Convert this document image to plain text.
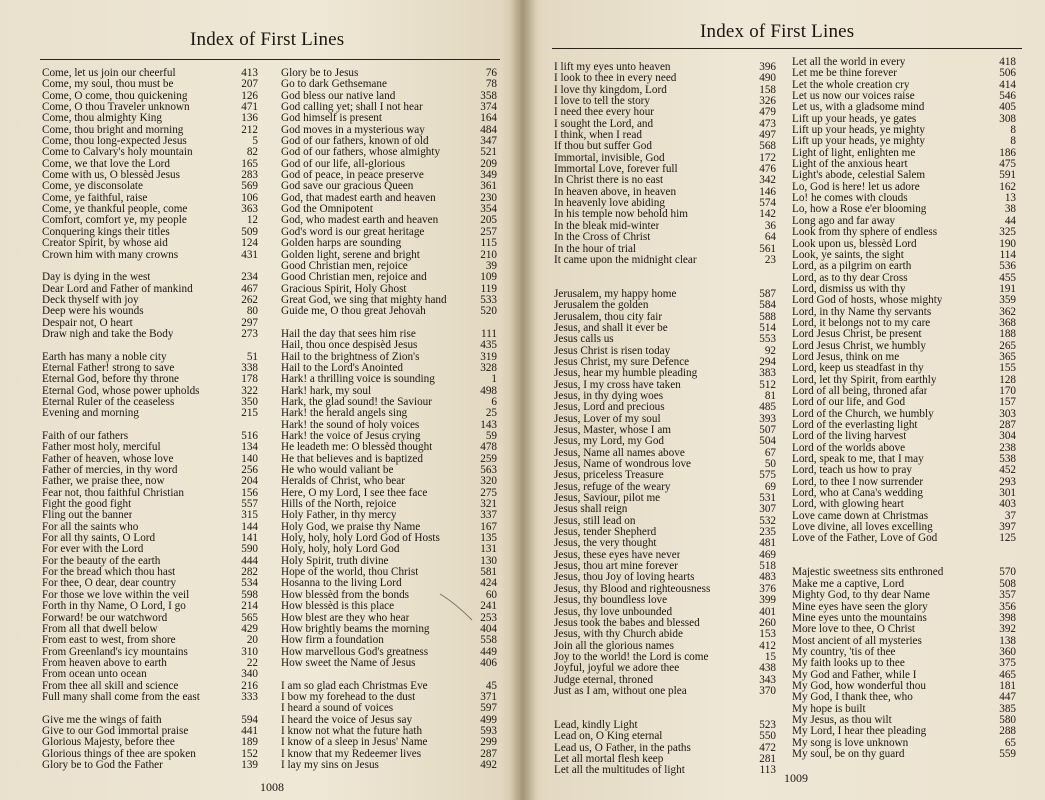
Index of First Lines
Come, let us join our cheerful	413
Come, my soul, thou must be	207
Come, O come, thou quickening	126
Come, O thou Traveler unknown	471
Come, thou almighty King	136
Come, thou bright and morning	212
Come, thou long-expected Jesus	5
Come to Calvary's holy mountain	82
Come, we that love the Lord	165
Come with us, O blessèd Jesus	283
Come, ye disconsolate	569
Come, ye faithful, raise	106
Come, ye thankful people, come	363
Comfort, comfort ye, my people	12
Conquering kings their titles	509
Creator Spirit, by whose aid	124
Crown him with many crowns	431
Day is dying in the west	234
Dear Lord and Father of mankind	467
Deck thyself with joy	262
Deep were his wounds	80
Despair not, O heart	297
Draw nigh and take the Body	273
Earth has many a noble city	51
Eternal Father! strong to save	338
Eternal God, before thy throne	178
Eternal God, whose power upholds	322
Eternal Ruler of the ceaseless	350
Evening and morning	215
Faith of our fathers	516
Father most holy, merciful	134
Father of heaven, whose love	140
Father of mercies, in thy word	256
Father, we praise thee, now	204
Fear not, thou faithful Christian	156
Fight the good fight	557
Fling out the banner	315
For all the saints who	144
For all thy saints, O Lord	141
For ever with the Lord	590
For the beauty of the earth	444
For the bread which thou hast	282
For thee, O dear, dear country	534
For those we love within the veil	598
Forth in thy Name, O Lord, I go	214
Forward! be our watchword	565
From all that dwell below	429
From east to west, from shore	20
From Greenland's icy mountains	310
From heaven above to earth	22
From ocean unto ocean	340
From thee all skill and science	216
Full many shall come from the east	333
Give me the wings of faith	594
Give to our God immortal praise	441
Glorious Majesty, before thee	189
Glorious things of thee are spoken	152
Glory be to God the Father	139
Glory be to Jesus	76
Go to dark Gethsemane	78
God bless our native land	358
God calling yet; shall I not hear	374
God himself is present	164
God moves in a mysterious way	484
God of our fathers, known of old	347
God of our fathers, whose almighty	521
God of our life, all-glorious	209
God of peace, in peace preserve	349
God save our gracious Queen	361
God, that madest earth and heaven	230
God the Omnipotent	354
God, who madest earth and heaven	205
God's word is our great heritage	257
Golden harps are sounding	115
Golden light, serene and bright	210
Good Christian men, rejoice	39
Good Christian men, rejoice and	109
Gracious Spirit, Holy Ghost	119
Great God, we sing that mighty hand	533
Guide me, O thou great Jehovah	520
Hail the day that sees him rise	111
Hail, thou once despisèd Jesus	435
Hail to the brightness of Zion's	319
Hail to the Lord's Anointed	328
Hark! a thrilling voice is sounding	1
Hark! hark, my soul	498
Hark, the glad sound! the Saviour	6
Hark! the herald angels sing	25
Hark! the sound of holy voices	143
Hark! the voice of Jesus crying	59
He leadeth me: O blessèd thought	478
He that believes and is baptized	259
He who would valiant be	563
Heralds of Christ, who bear	320
Here, O my Lord, I see thee face	275
Hills of the North, rejoice	321
Holy Father, in thy mercy	337
Holy God, we praise thy Name	167
Holy, holy, holy Lord God of Hosts	135
Holy, holy, holy Lord God	131
Holy Spirit, truth divine	130
Hope of the world, thou Christ	581
Hosanna to the living Lord	424
How blessèd from the bonds	60
How blessèd is this place	241
How blest are they who hear	253
How brightly beams the morning	404
How firm a foundation	558
How marvellous God's greatness	449
How sweet the Name of Jesus	406
I am so glad each Christmas Eve	45
I bow my forehead to the dust	371
I heard a sound of voices	597
I heard the voice of Jesus say	499
I know not what the future hath	593
I know of a sleep in Jesus' Name	299
I know that my Redeemer lives	287
I lay my sins on Jesus	492
1008
Index of First Lines
I lift my eyes unto heaven	396
I look to thee in every need	490
I love thy kingdom, Lord	158
I love to tell the story	326
I need thee every hour	479
I sought the Lord, and	473
I think, when I read	497
If thou but suffer God	568
Immortal, invisible, God	172
Immortal Love, forever full	476
In Christ there is no east	342
In heaven above, in heaven	146
In heavenly love abiding	574
In his temple now behold him	142
In the bleak mid-winter	36
In the Cross of Christ	64
In the hour of trial	561
It came upon the midnight clear	23
Jerusalem, my happy home	587
Jerusalem the golden	584
Jerusalem, thou city fair	588
Jesus, and shall it ever be	514
Jesus calls us	553
Jesus Christ is risen today	92
Jesus Christ, my sure Defence	294
Jesus, hear my humble pleading	383
Jesus, I my cross have taken	512
Jesus, in thy dying woes	81
Jesus, Lord and precious	485
Jesus, Lover of my soul	393
Jesus, Master, whose I am	507
Jesus, my Lord, my God	504
Jesus, Name all names above	67
Jesus, Name of wondrous love	50
Jesus, priceless Treasure	575
Jesus, refuge of the weary	69
Jesus, Saviour, pilot me	531
Jesus shall reign	307
Jesus, still lead on	532
Jesus, tender Shepherd	235
Jesus, the very thought	481
Jesus, these eyes have never	469
Jesus, thou art mine forever	518
Jesus, thou Joy of loving hearts	483
Jesus, thy Blood and righteousness	376
Jesus, thy boundless love	399
Jesus, thy love unbounded	401
Jesus took the babes and blessed	260
Jesus, with thy Church abide	153
Join all the glorious names	412
Joy to the world! the Lord is come	15
Joyful, joyful we adore thee	438
Judge eternal, throned	343
Just as I am, without one plea	370
Lead, kindly Light	523
Lead on, O King eternal	550
Lead us, O Father, in the paths	472
Let all mortal flesh keep	281
Let all the multitudes of light	113
Let all the world in every	418
Let me be thine forever	506
Let the whole creation cry	414
Let us now our voices raise	546
Let us, with a gladsome mind	405
Lift up your heads, ye gates	308
Lift up your heads, ye mighty	8
Lift up your heads, ye mighty	8
Light of light, enlighten me	186
Light of the anxious heart	475
Light's abode, celestial Salem	591
Lo, God is here! let us adore	162
Lo! he comes with clouds	13
Lo, how a Rose e'er blooming	38
Long ago and far away	44
Look from thy sphere of endless	325
Look upon us, blessèd Lord	190
Look, ye saints, the sight	114
Lord, as a pilgrim on earth	536
Lord, as to thy dear Cross	455
Lord, dismiss us with thy	191
Lord God of hosts, whose mighty	359
Lord, in thy Name thy servants	362
Lord, it belongs not to my care	368
Lord Jesus Christ, be present	188
Lord Jesus Christ, we humbly	265
Lord Jesus, think on me	365
Lord, keep us steadfast in thy	155
Lord, let thy Spirit, from earthly	128
Lord of all being, throned afar	170
Lord of our life, and God	157
Lord of the Church, we humbly	303
Lord of the everlasting light	287
Lord of the living harvest	304
Lord of the worlds above	238
Lord, speak to me, that I may	538
Lord, teach us how to pray	452
Lord, to thee I now surrender	293
Lord, who at Cana's wedding	301
Lord, with glowing heart	403
Love came down at Christmas	37
Love divine, all loves excelling	397
Love of the Father, Love of God	125
Majestic sweetness sits enthroned	570
Make me a captive, Lord	508
Mighty God, to thy dear Name	357
Mine eyes have seen the glory	356
Mine eyes unto the mountains	398
More love to thee, O Christ	392
Most ancient of all mysteries	138
My country, 'tis of thee	360
My faith looks up to thee	375
My God and Father, while I	465
My God, how wonderful thou	181
My God, I thank thee, who	447
My hope is built	385
My Jesus, as thou wilt	580
My Lord, I hear thee pleading	288
My song is love unknown	65
My soul, be on thy guard	559
1009
